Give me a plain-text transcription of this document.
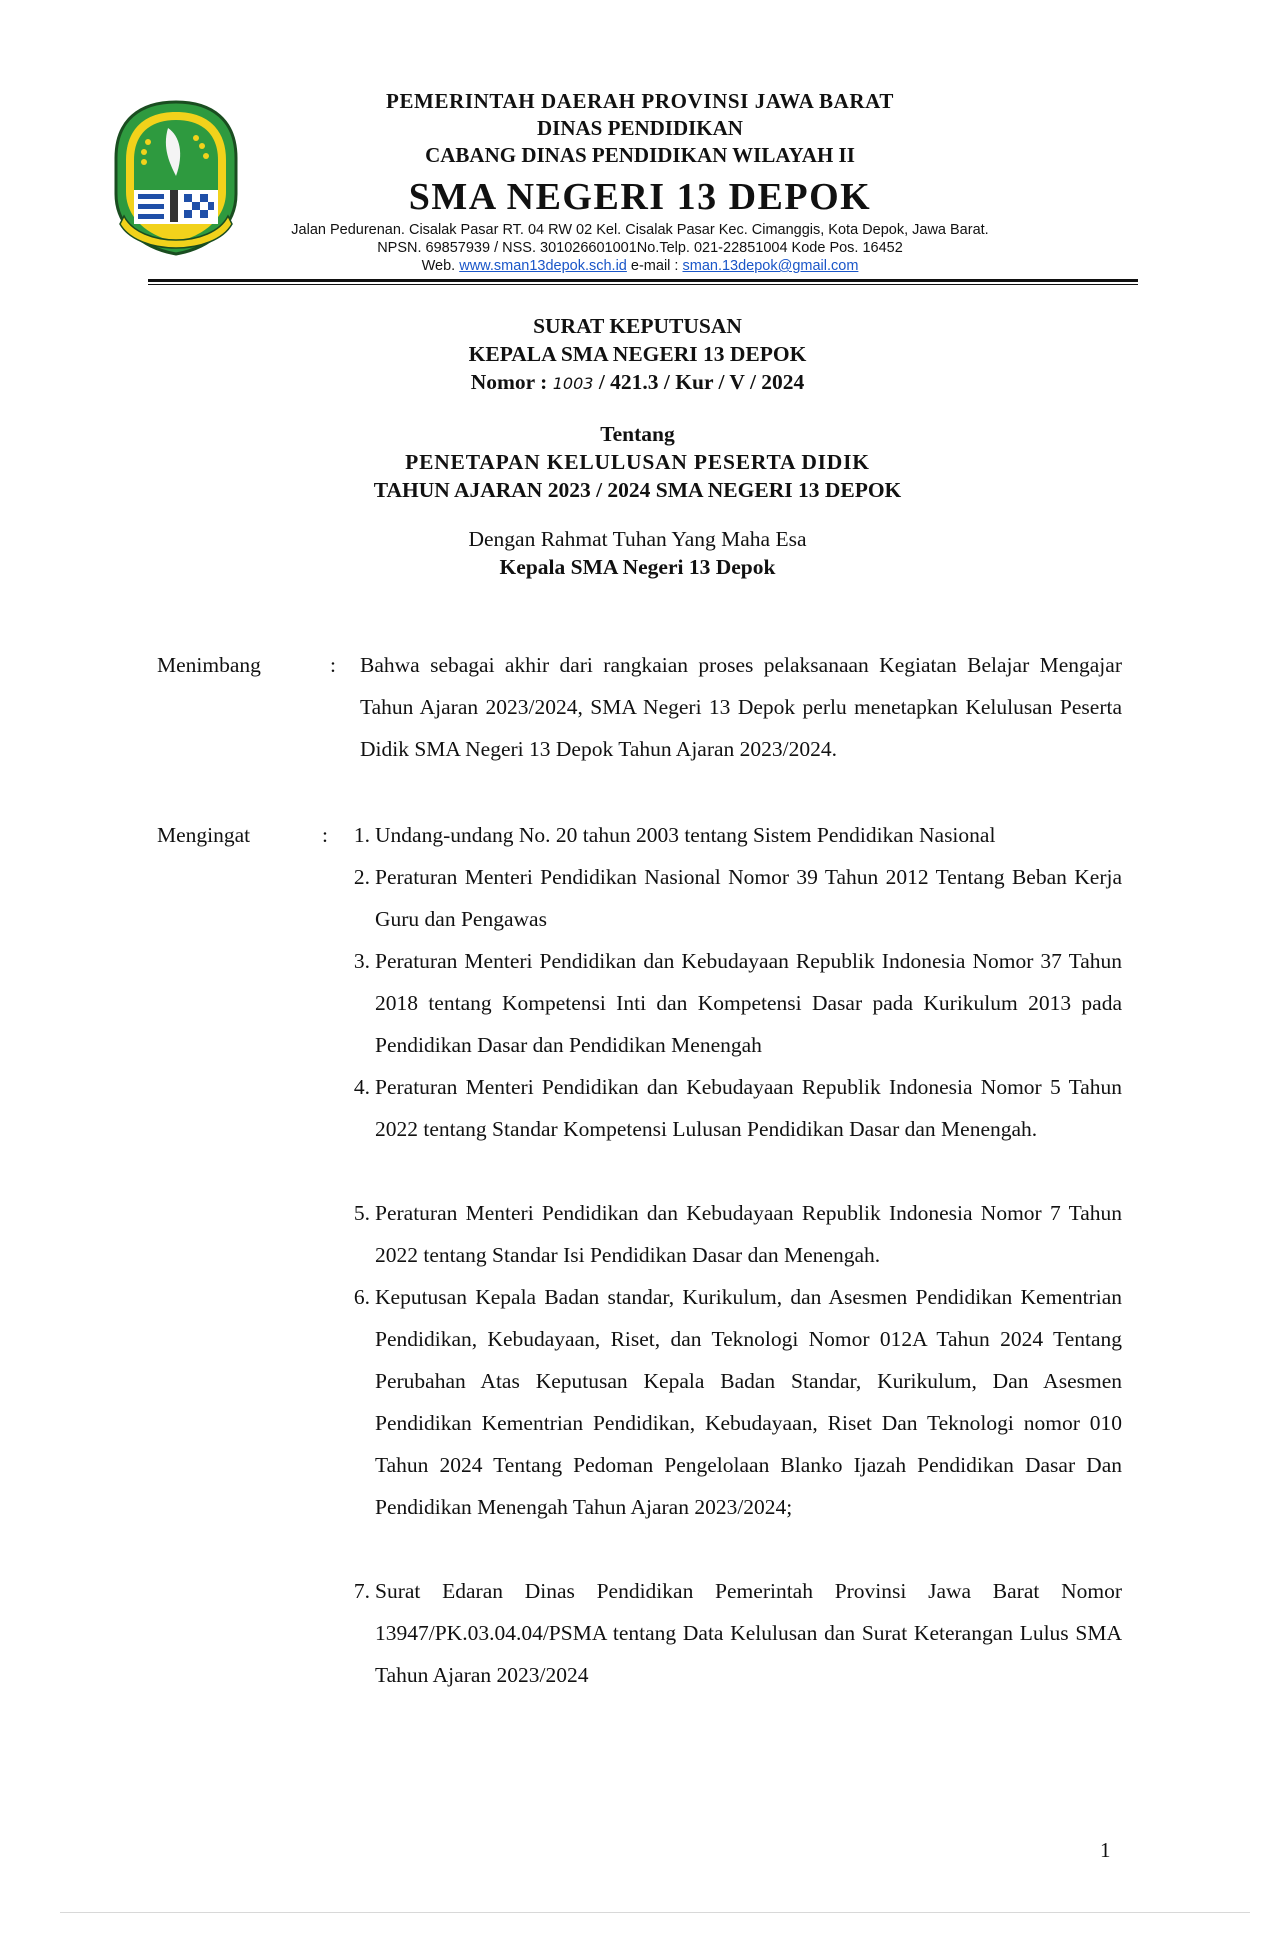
PEMERINTAH DAERAH PROVINSI JAWA BARAT
DINAS PENDIDIKAN
CABANG DINAS PENDIDIKAN WILAYAH II
SMA NEGERI 13 DEPOK
Jalan Pedurenan. Cisalak Pasar RT. 04 RW 02 Kel. Cisalak Pasar Kec. Cimanggis, Kota Depok, Jawa Barat.
NPSN. 69857939 / NSS. 301026601001No.Telp. 021-22851004 Kode Pos. 16452
Web. www.sman13depok.sch.id e-mail : sman.13depok@gmail.com
SURAT KEPUTUSAN
KEPALA SMA NEGERI 13 DEPOK
Nomor : 1003 / 421.3 / Kur / V / 2024
Tentang
PENETAPAN KELULUSAN PESERTA DIDIK
TAHUN AJARAN 2023 / 2024 SMA NEGERI 13 DEPOK
Dengan Rahmat Tuhan Yang Maha Esa
Kepala SMA Negeri 13 Depok
Menimbang	: Bahwa sebagai akhir dari rangkaian proses pelaksanaan Kegiatan Belajar Mengajar Tahun Ajaran 2023/2024, SMA Negeri 13 Depok perlu menetapkan Kelulusan Peserta Didik SMA Negeri 13 Depok Tahun Ajaran 2023/2024.
Mengingat	:	1. Undang-undang No. 20 tahun 2003 tentang Sistem Pendidikan Nasional
2. Peraturan Menteri Pendidikan Nasional Nomor 39 Tahun 2012 Tentang Beban Kerja Guru dan Pengawas
3. Peraturan Menteri Pendidikan dan Kebudayaan Republik Indonesia Nomor 37 Tahun 2018 tentang Kompetensi Inti dan Kompetensi Dasar pada Kurikulum 2013 pada Pendidikan Dasar dan Pendidikan Menengah
4. Peraturan Menteri Pendidikan dan Kebudayaan Republik Indonesia Nomor 5 Tahun 2022 tentang Standar Kompetensi Lulusan Pendidikan Dasar dan Menengah.
5. Peraturan Menteri Pendidikan dan Kebudayaan Republik Indonesia Nomor 7 Tahun 2022 tentang Standar Isi Pendidikan Dasar dan Menengah.
6. Keputusan Kepala Badan standar, Kurikulum, dan Asesmen Pendidikan Kementrian Pendidikan, Kebudayaan, Riset, dan Teknologi Nomor 012A Tahun 2024 Tentang Perubahan Atas Keputusan Kepala Badan Standar, Kurikulum, Dan Asesmen Pendidikan Kementrian Pendidikan, Kebudayaan, Riset Dan Teknologi nomor 010 Tahun 2024 Tentang Pedoman Pengelolaan Blanko Ijazah Pendidikan Dasar Dan Pendidikan Menengah Tahun Ajaran 2023/2024;
7. Surat Edaran Dinas Pendidikan Pemerintah Provinsi Jawa Barat Nomor 13947/PK.03.04.04/PSMA tentang Data Kelulusan dan Surat Keterangan Lulus SMA Tahun Ajaran 2023/2024
1
